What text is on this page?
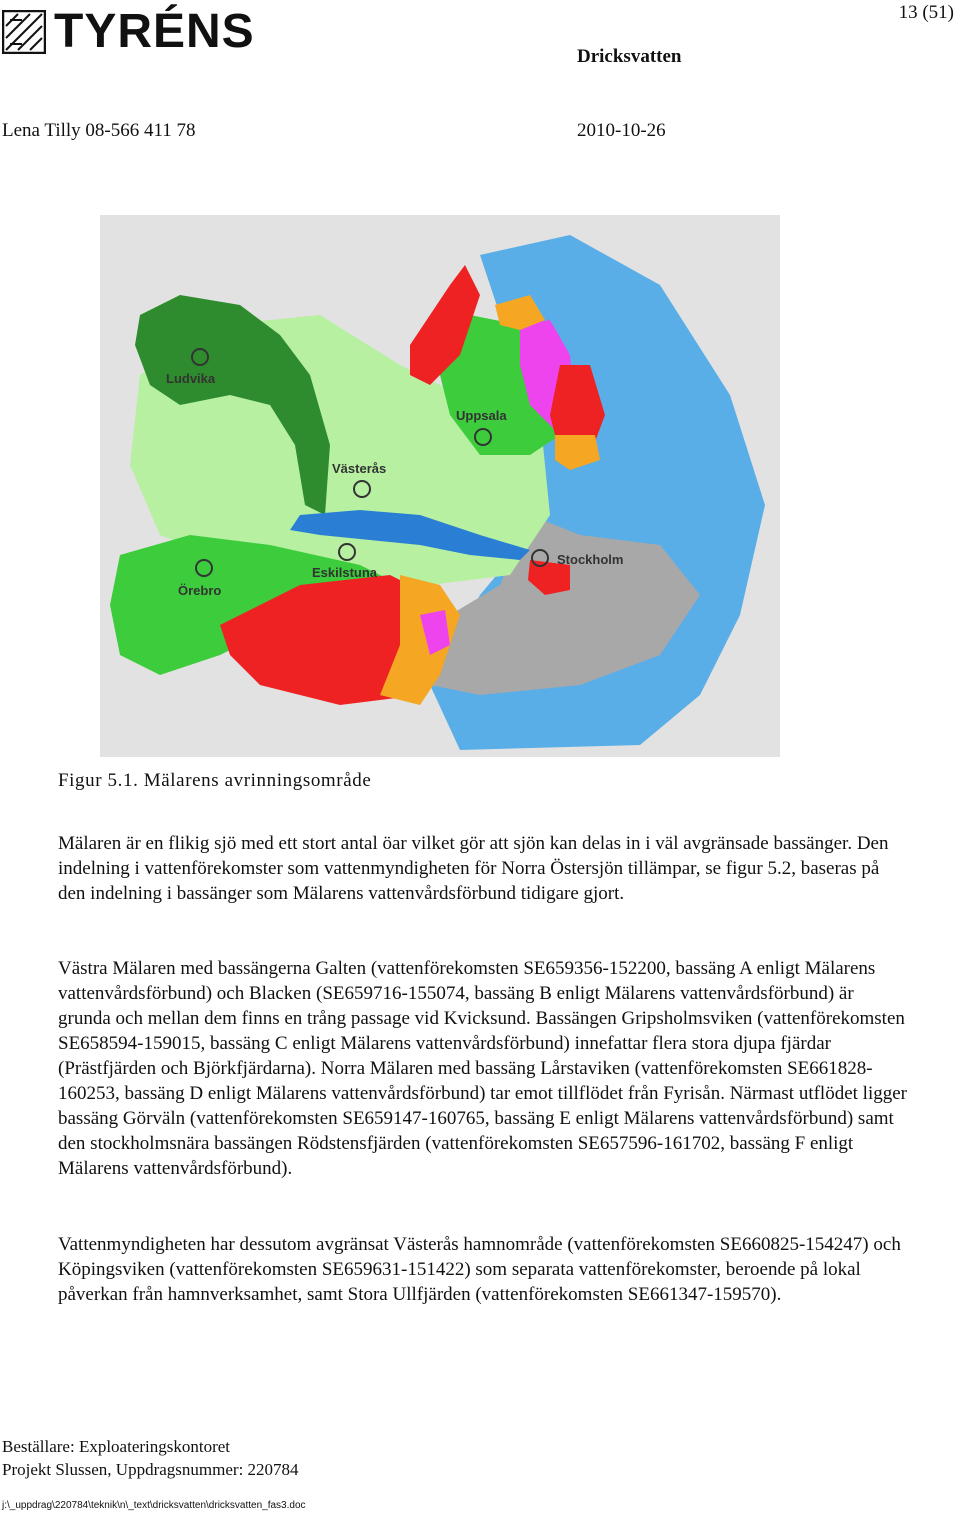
TYRÉNS	13 (51)
Dricksvatten
Lena Tilly 08-566 411 78	2010-10-26
Ludvika
Uppsala
Västerås
Stockholm
Eskilstuna
Örebro
Figur 5.1. Mälarens avrinningsområde
Mälaren är en flikig sjö med ett stort antal öar vilket gör att sjön kan delas in i väl avgränsade bassänger. Den indelning i vattenförekomster som vattenmyndigheten för Norra Östersjön tillämpar, se figur 5.2, baseras på den indelning i bassänger som Mälarens vattenvårdsförbund tidigare gjort.
Västra Mälaren med bassängerna Galten (vattenförekomsten SE659356-152200, bassäng A enligt Mälarens vattenvårdsförbund) och Blacken (SE659716-155074, bassäng B enligt Mälarens vattenvårdsförbund) är grunda och mellan dem finns en trång passage vid Kvicksund. Bassängen Gripsholmsviken (vattenförekomsten SE658594-159015, bassäng C enligt Mälarens vattenvårdsförbund) innefattar flera stora djupa fjärdar (Prästfjärden och Björkfjärdarna). Norra Mälaren med bassäng Lårstaviken (vattenförekomsten SE661828-160253, bassäng D enligt Mälarens vattenvårdsförbund) tar emot tillflödet från Fyrisån. Närmast utflödet ligger bassäng Görväln (vattenförekomsten SE659147-160765, bassäng E enligt Mälarens vattenvårdsförbund) samt den stockholmsnära bassängen Rödstensfjärden (vattenförekomsten SE657596-161702, bassäng F enligt Mälarens vattenvårdsförbund).
Vattenmyndigheten har dessutom avgränsat Västerås hamnområde (vattenförekomsten SE660825-154247) och Köpingsviken (vattenförekomsten SE659631-151422) som separata vattenförekomster, beroende på lokal påverkan från hamnverksamhet, samt Stora Ullfjärden (vattenförekomsten SE661347-159570).
Beställare: Exploateringskontoret
Projekt Slussen, Uppdragsnummer: 220784
j:\_uppdrag\220784\teknik\n\_text\dricksvatten\dricksvatten_fas3.doc
